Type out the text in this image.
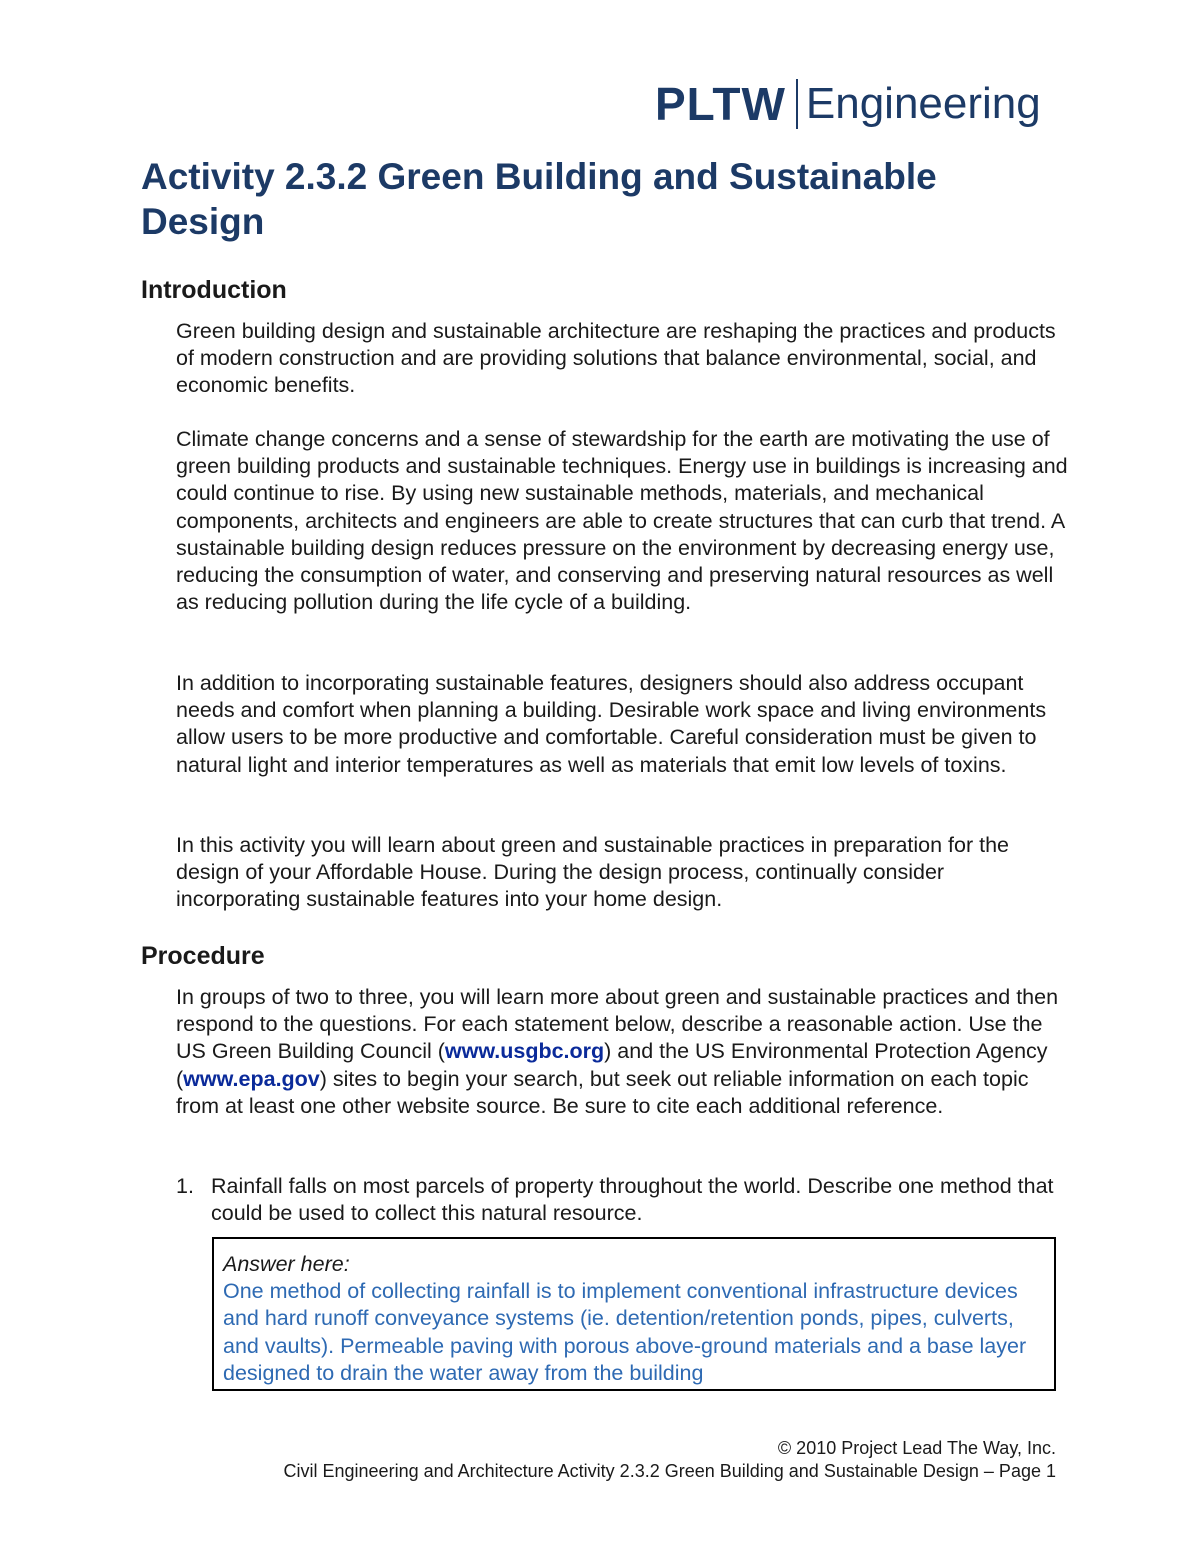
PLTW Engineering
Activity 2.3.2 Green Building and Sustainable Design
Introduction

Green building design and sustainable architecture are reshaping the practices and products of modern construction and are providing solutions that balance environmental, social, and economic benefits.

Climate change concerns and a sense of stewardship for the earth are motivating the use of green building products and sustainable techniques. Energy use in buildings is increasing and could continue to rise. By using new sustainable methods, materials, and mechanical components, architects and engineers are able to create structures that can curb that trend. A sustainable building design reduces pressure on the environment by decreasing energy use, reducing the consumption of water, and conserving and preserving natural resources as well as reducing pollution during the life cycle of a building.

In addition to incorporating sustainable features, designers should also address occupant needs and comfort when planning a building. Desirable work space and living environments allow users to be more productive and comfortable. Careful consideration must be given to natural light and interior temperatures as well as materials that emit low levels of toxins.

In this activity you will learn about green and sustainable practices in preparation for the design of your Affordable House. During the design process, continually consider incorporating sustainable features into your home design.

Procedure

In groups of two to three, you will learn more about green and sustainable practices and then respond to the questions. For each statement below, describe a reasonable action. Use the US Green Building Council (www.usgbc.org) and the US Environmental Protection Agency (www.epa.gov) sites to begin your search, but seek out reliable information on each topic from at least one other website source. Be sure to cite each additional reference.

1. Rainfall falls on most parcels of property throughout the world. Describe one method that could be used to collect this natural resource.

Answer here:

One method of collecting rainfall is to implement conventional infrastructure devices and hard runoff conveyance systems (ie. detention/retention ponds, pipes, culverts, and vaults). Permeable paving with porous above-ground materials and a base layer designed to drain the water away from the building

© 2010 Project Lead The Way, Inc.

Civil Engineering and Architecture Activity 2.3.2 Green Building and Sustainable Design – Page 1
